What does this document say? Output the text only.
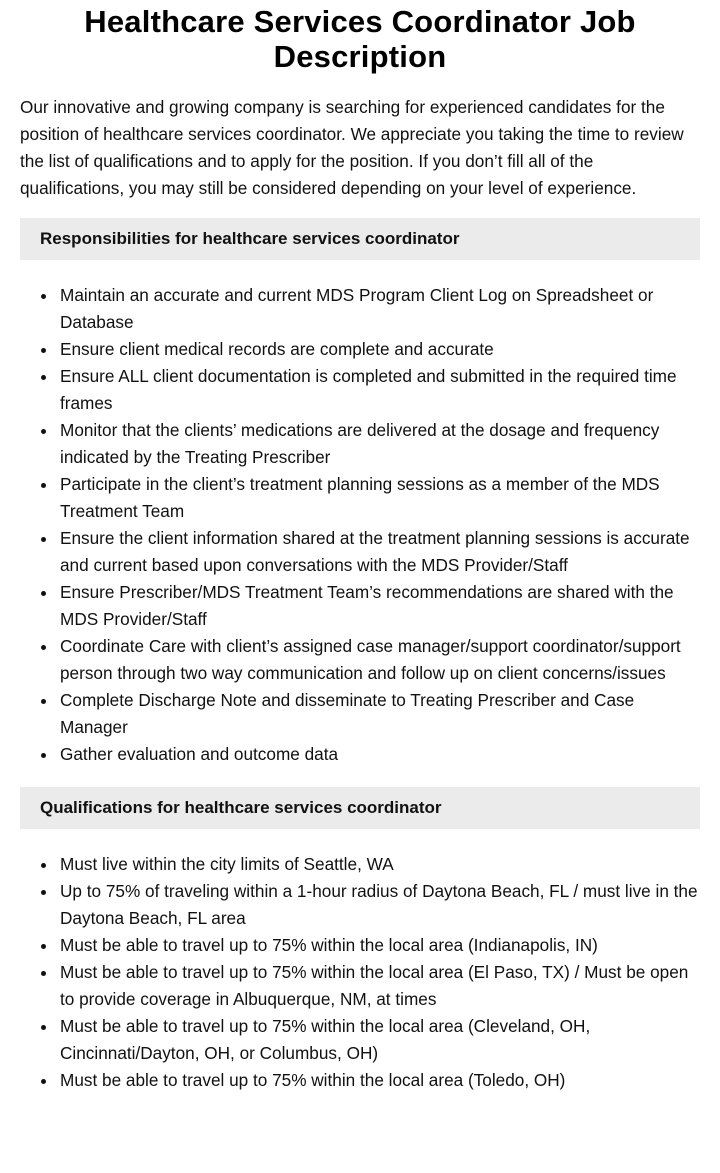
Healthcare Services Coordinator Job Description

Our innovative and growing company is searching for experienced candidates for the position of healthcare services coordinator. We appreciate you taking the time to review the list of qualifications and to apply for the position. If you don’t fill all of the qualifications, you may still be considered depending on your level of experience.

Responsibilities for healthcare services coordinator
Maintain an accurate and current MDS Program Client Log on Spreadsheet or Database
Ensure client medical records are complete and accurate
Ensure ALL client documentation is completed and submitted in the required time frames
Monitor that the clients’ medications are delivered at the dosage and frequency indicated by the Treating Prescriber
Participate in the client’s treatment planning sessions as a member of the MDS Treatment Team
Ensure the client information shared at the treatment planning sessions is accurate and current based upon conversations with the MDS Provider/Staff
Ensure Prescriber/MDS Treatment Team’s recommendations are shared with the MDS Provider/Staff
Coordinate Care with client’s assigned case manager/support coordinator/support person through two way communication and follow up on client concerns/issues
Complete Discharge Note and disseminate to Treating Prescriber and Case Manager
Gather evaluation and outcome data
Qualifications for healthcare services coordinator
Must live within the city limits of Seattle, WA
Up to 75% of traveling within a 1-hour radius of Daytona Beach, FL / must live in the Daytona Beach, FL area
Must be able to travel up to 75% within the local area (Indianapolis, IN)
Must be able to travel up to 75% within the local area (El Paso, TX) / Must be open to provide coverage in Albuquerque, NM, at times
Must be able to travel up to 75% within the local area (Cleveland, OH, Cincinnati/Dayton, OH, or Columbus, OH)
Must be able to travel up to 75% within the local area (Toledo, OH)
